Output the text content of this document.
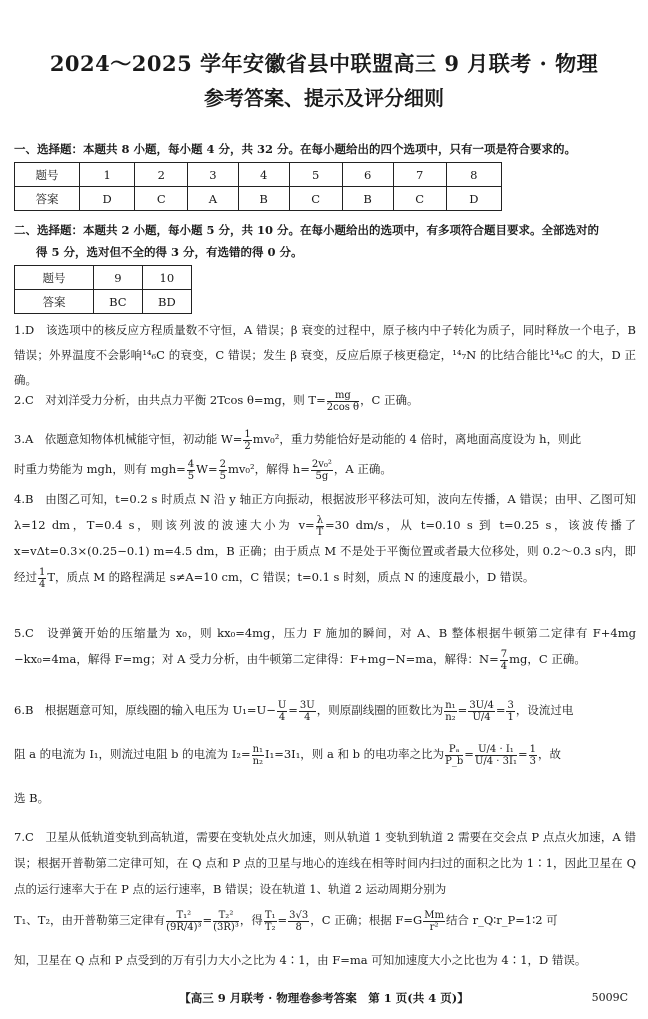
2024～2025 学年安徽省县中联盟高三 9 月联考 · 物理
参考答案、提示及评分细则
一、选择题：本题共 8 小题，每小题 4 分，共 32 分。在每小题给出的四个选项中，只有一项是符合要求的。
题号	1	2	3	4	5	6	7	8
答案	D	C	A	B	C	B	C	D
二、选择题：本题共 2 小题，每小题 5 分，共 10 分。在每小题给出的选项中，有多项符合题目要求。全部选对的
得 5 分，选对但不全的得 3 分，有选错的得 0 分。
题号	9	10
答案	BC	BD
1.D　该选项中的核反应方程质量数不守恒，A 错误；β 衰变的过程中，原子核内中子转化为质子，同时释放一个电子，B 错误；外界温度不会影响¹⁴₆C 的衰变，C 错误；发生 β 衰变，反应后原子核更稳定，¹⁴₇N 的比结合能比¹⁴₆C 的大，D 正确。
2.C　对刘洋受力分析，由共点力平衡 2Tcos θ=mg，则 $T= \frac{mg}{\text{2cos θ}}$ ，C 正确。
3.A　依题意知物体机械能守恒，初动能 $W= \frac{1}{2} mv_0^2$，重力势能恰好是动能的 4 倍时，离地面高度设为 h，则此
时重力势能为 mgh，则有 $mgh= \frac{4}{5} W= \frac{2}{5} mv_0^2$，解得 $h= \frac{\text{2v₀²}}{5g}$ ，A 正确。
4.B　由图乙可知，t=0.2 s 时质点 N 沿 y 轴正方向振动，根据波形平移法可知，波向左传播，A 错误；由甲、乙图可知 λ=12 dm，T=0.4 s，则该列波的波速大小为 $v= \frac{\lambda}{T} =30$ dm/s，从 t=0.10 s 到 t=0.25 s，该波传播了 x=vΔt=0.3×(0.25−0.1) m=4.5 dm，B 正确；由于质点 M 不是处于平衡位置或者最大位移处，则 0.2～0.3 s内，即经过 $\frac{1}{4}$ T，质点 M 的路程满足 s≠A=10 cm，C 错误；t=0.1 s 时刻，质点 N 的速度最小，D 错误。
5.C　设弹簧开始的压缩量为 x₀，则 kx₀=4mg，压力 F 施加的瞬间，对 A、B 整体根据牛顿第二定律有 F+4mg −kx₀=4ma，解得 F=mg；对 A 受力分析，由牛顿第二定律得：F+mg−N=ma，解得：$N= \frac{7}{4}$ mg，C 正确。
6.B　根据题意可知，原线圈的输入电压为 $U_1=U- \frac{U}{4} = \frac{3U}{4}$ ，则原副线圈的匝数比为 $\frac{\text{n₁}}{\text{n₂}} = \frac{3U/4}{U/4} = \frac{3}{1}$ ，设流过电
阻 a 的电流为 I₁，则流过电阻 b 的电流为 $I_2= \frac{\text{n₁}}{\text{n₂}} I_1=3I_1$，则 a 和 b 的电功率之比为 $\frac{\text{Pₐ}}{P\_b} = \frac{\text{U/4 · I₁}}{\text{U/4 · 3I₁}} = \frac{1}{3}$ ，故
选 B。
7.C　卫星从低轨道变轨到高轨道，需要在变轨处点火加速，则从轨道 1 变轨到轨道 2 需要在交会点 P 点点火加速，A 错误；根据开普勒第二定律可知，在 Q 点和 P 点的卫星与地心的连线在相等时间内扫过的面积之比为 1∶1，因此卫星在 Q 点的运行速率大于在 P 点的运行速率，B 错误；设在轨道 1、轨道 2 运动周期分别为
T₁、T₂，由开普勒第三定律有 $\frac{\text{T₁²}}{\text{(9R/4)³}} = \frac{\text{T₂²}}{\text{(3R)³}}$ ，得 $\frac{\text{T₁}}{\text{T₂}} = \frac{3√3}{8}$ ，C 正确；根据 $F=G \frac{Mm}{\text{r²}}$ 结合 r_Q∶r_P=1∶2 可
知，卫星在 Q 点和 P 点受到的万有引力大小之比为 4∶1，由 F=ma 可知加速度大小之比也为 4∶1，D 错误。
【高三 9 月联考 · 物理卷参考答案　第 1 页(共 4 页)】	5009C
